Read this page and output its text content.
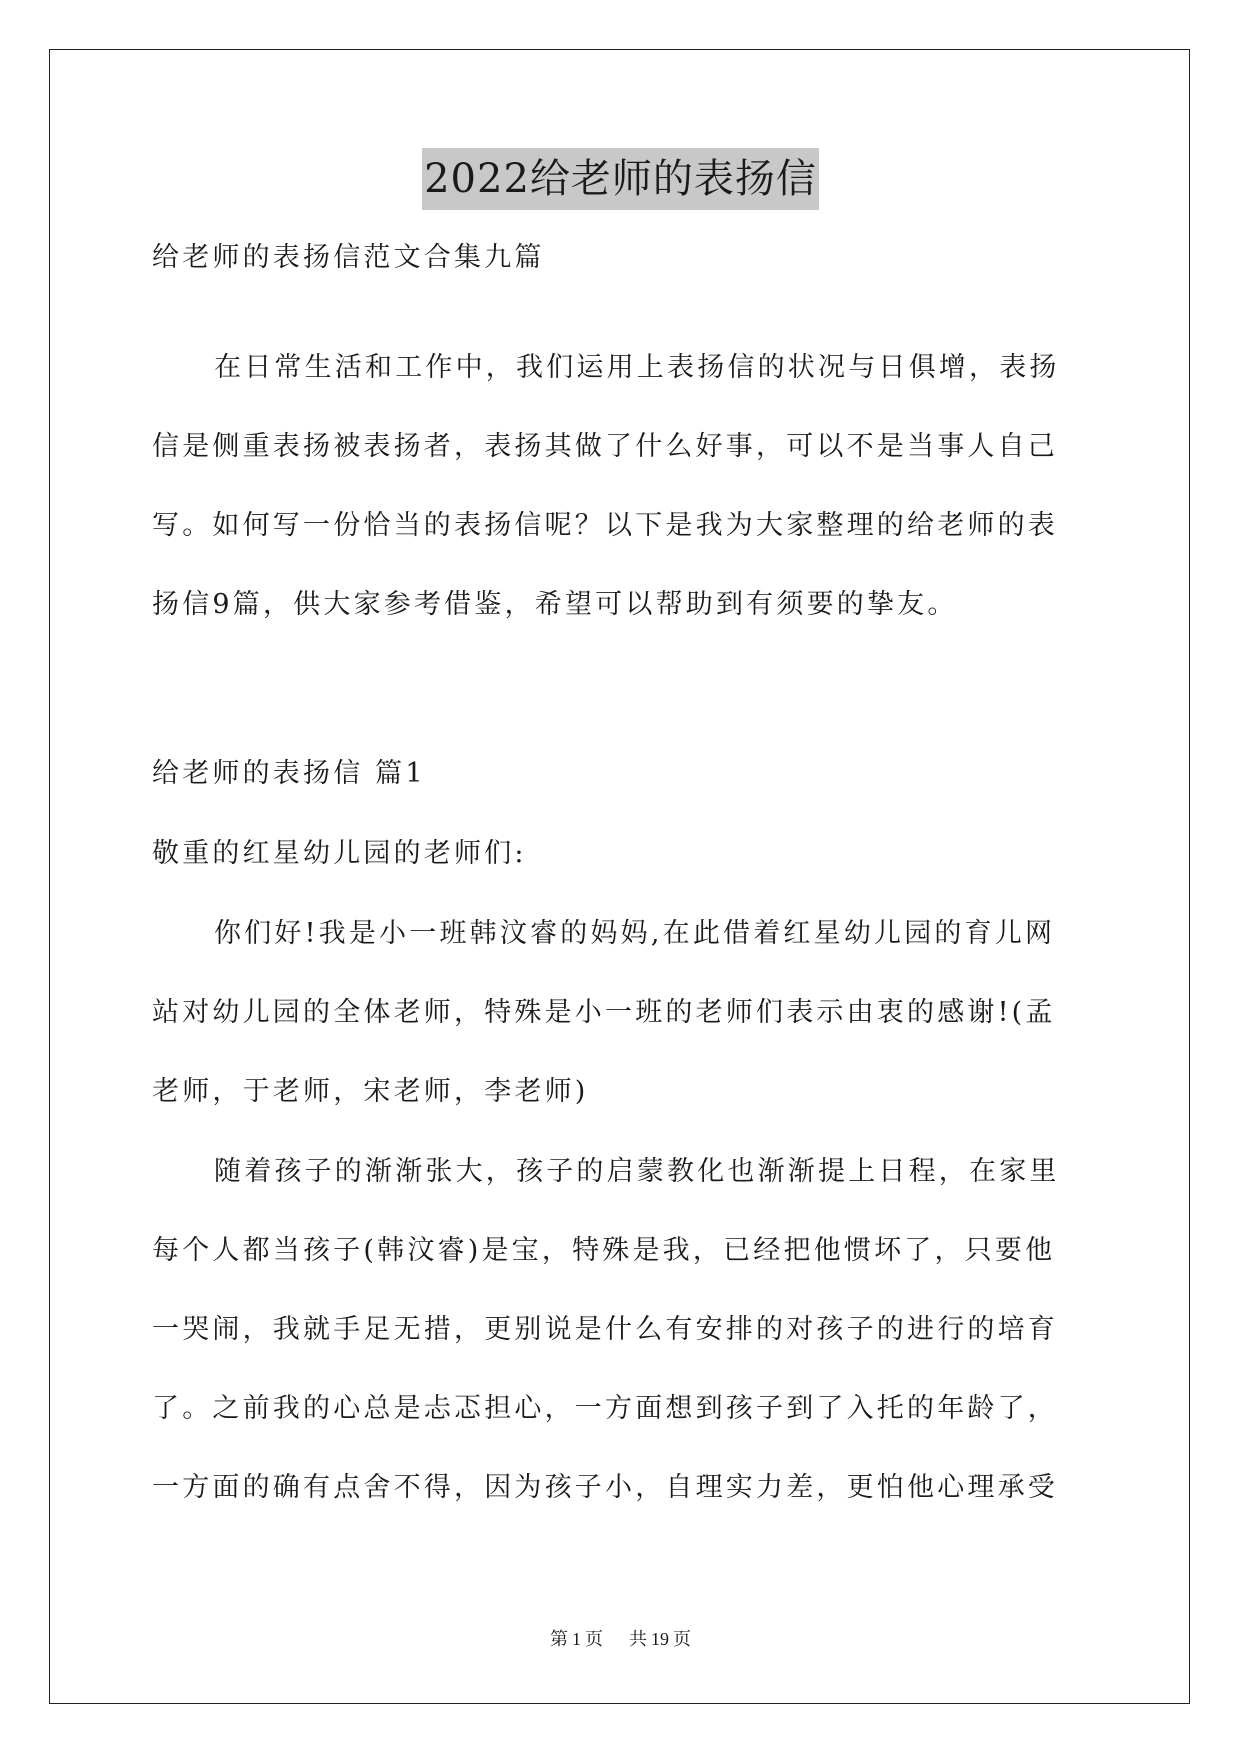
2022给老师的表扬信

给老师的表扬信范文合集九篇

在日常生活和工作中，我们运用上表扬信的状况与日俱增，表扬

信是侧重表扬被表扬者，表扬其做了什么好事，可以不是当事人自己

写。如何写一份恰当的表扬信呢？以下是我为大家整理的给老师的表

扬信9篇，供大家参考借鉴，希望可以帮助到有须要的挚友。

给老师的表扬信 篇1

敬重的红星幼儿园的老师们:

你们好!我是小一班韩汶睿的妈妈,在此借着红星幼儿园的育儿网

站对幼儿园的全体老师，特殊是小一班的老师们表示由衷的感谢!(孟

老师，于老师，宋老师，李老师)

随着孩子的渐渐张大，孩子的启蒙教化也渐渐提上日程，在家里

每个人都当孩子(韩汶睿)是宝，特殊是我，已经把他惯坏了，只要他

一哭闹，我就手足无措，更别说是什么有安排的对孩子的进行的培育

了。之前我的心总是忐忑担心，一方面想到孩子到了入托的年龄了，

一方面的确有点舍不得，因为孩子小，自理实力差，更怕他心理承受

第 1 页 共 19 页
